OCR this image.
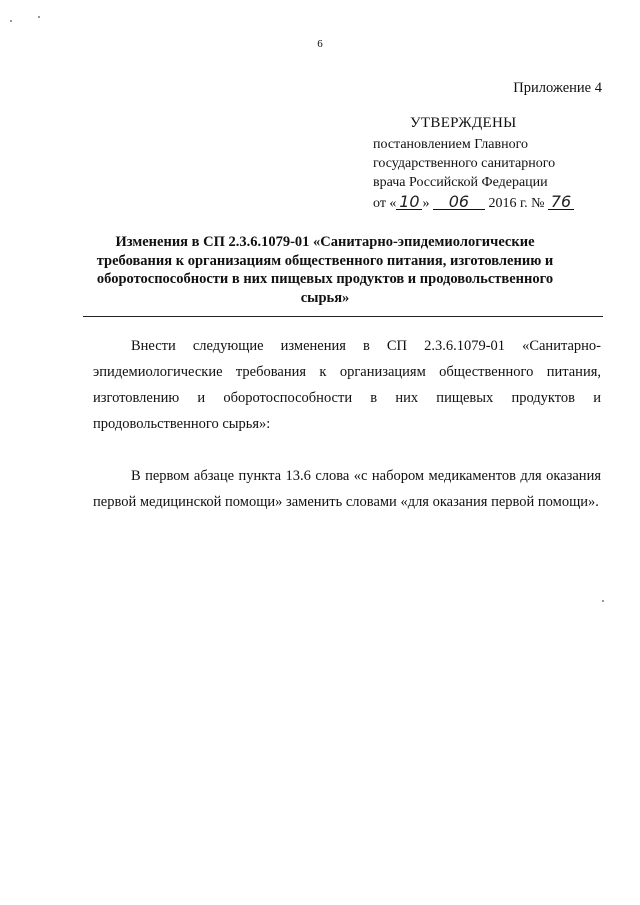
6
Приложение 4
УТВЕРЖДЕНЫ
постановлением Главного
государственного санитарного
врача Российской Федерации
от « 10 » 06 2016 г. № 76
Изменения в СП 2.3.6.1079-01 «Санитарно-эпидемиологические требования к организациям общественного питания, изготовлению и оборотоспособности в них пищевых продуктов и продовольственного сырья»
Внести следующие изменения в СП 2.3.6.1079-01 «Санитарно-эпидемиологические требования к организациям общественного питания, изготовлению и оборотоспособности в них пищевых продуктов и продовольственного сырья»:
В первом абзаце пункта 13.6 слова «с набором медикаментов для оказания первой медицинской помощи» заменить словами «для оказания первой помощи».
